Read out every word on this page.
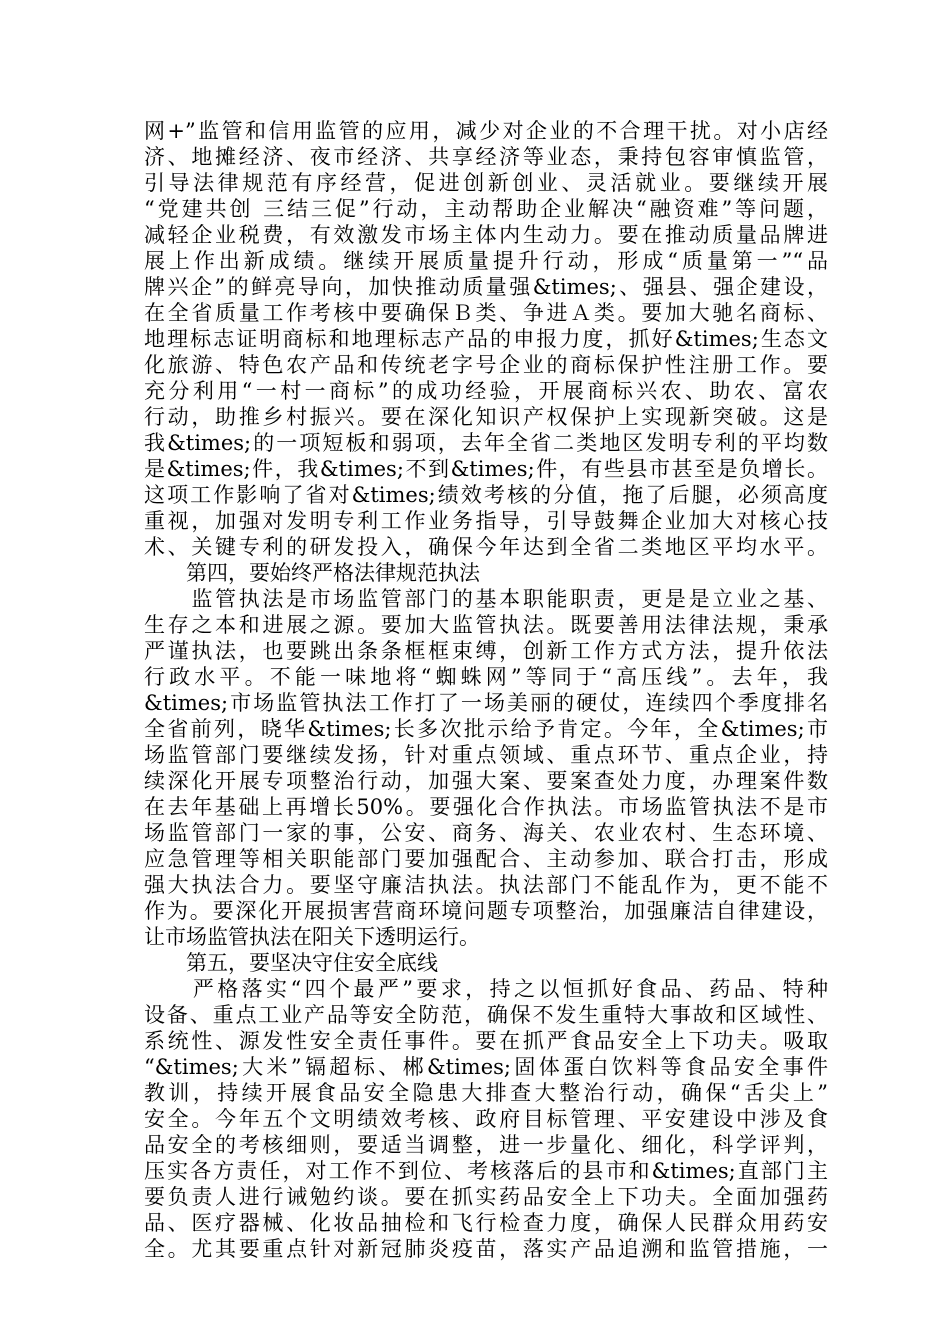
网+”监管和信用监管的应用，减少对企业的不合理干扰。对小店经
济、地摊经济、夜市经济、共享经济等业态，秉持包容审慎监管，
引导法律规范有序经营，促进创新创业、灵活就业。要继续开展
“党建共创 三结三促”行动，主动帮助企业解决“融资难”等问题，
减轻企业税费，有效激发市场主体内生动力。要在推动质量品牌进
展上作出新成绩。继续开展质量提升行动，形成“质量第一”“品
牌兴企”的鲜亮导向，加快推动质量强&times;、强县、强企建设，
在全省质量工作考核中要确保Ｂ类、争进Ａ类。要加大驰名商标、
地理标志证明商标和地理标志产品的申报力度，抓好&times;生态文
化旅游、特色农产品和传统老字号企业的商标保护性注册工作。要
充分利用“一村一商标”的成功经验，开展商标兴农、助农、富农
行动，助推乡村振兴。要在深化知识产权保护上实现新突破。这是
我&times;的一项短板和弱项，去年全省二类地区发明专利的平均数
是&times;件，我&times;不到&times;件，有些县市甚至是负增长。
这项工作影响了省对&times;绩效考核的分值，拖了后腿，必须高度
重视，加强对发明专利工作业务指导，引导鼓舞企业加大对核心技
术、关键专利的研发投入，确保今年达到全省二类地区平均水平。
　　第四，要始终严格法律规范执法
　　监管执法是市场监管部门的基本职能职责，更是是立业之基、
生存之本和进展之源。要加大监管执法。既要善用法律法规，秉承
严谨执法，也要跳出条条框框束缚，创新工作方式方法，提升依法
行政水平。不能一味地将“蜘蛛网”等同于“高压线”。去年，我
&times;市场监管执法工作打了一场美丽的硬仗，连续四个季度排名
全省前列，晓华&times;长多次批示给予肯定。今年，全&times;市
场监管部门要继续发扬，针对重点领域、重点环节、重点企业，持
续深化开展专项整治行动，加强大案、要案查处力度，办理案件数
在去年基础上再增长50%。要强化合作执法。市场监管执法不是市
场监管部门一家的事，公安、商务、海关、农业农村、生态环境、
应急管理等相关职能部门要加强配合、主动参加、联合打击，形成
强大执法合力。要坚守廉洁执法。执法部门不能乱作为，更不能不
作为。要深化开展损害营商环境问题专项整治，加强廉洁自律建设，
让市场监管执法在阳关下透明运行。
　　第五，要坚决守住安全底线
　　严格落实“四个最严”要求，持之以恒抓好食品、药品、特种
设备、重点工业产品等安全防范，确保不发生重特大事故和区域性、
系统性、源发性安全责任事件。要在抓严食品安全上下功夫。吸取
“&times;大米”镉超标、郴&times;固体蛋白饮料等食品安全事件
教训，持续开展食品安全隐患大排查大整治行动，确保“舌尖上”
安全。今年五个文明绩效考核、政府目标管理、平安建设中涉及食
品安全的考核细则，要适当调整，进一步量化、细化，科学评判，
压实各方责任，对工作不到位、考核落后的县市和&times;直部门主
要负责人进行诫勉约谈。要在抓实药品安全上下功夫。全面加强药
品、医疗器械、化妆品抽检和飞行检查力度，确保人民群众用药安
全。尤其要重点针对新冠肺炎疫苗，落实产品追溯和监管措施，一
